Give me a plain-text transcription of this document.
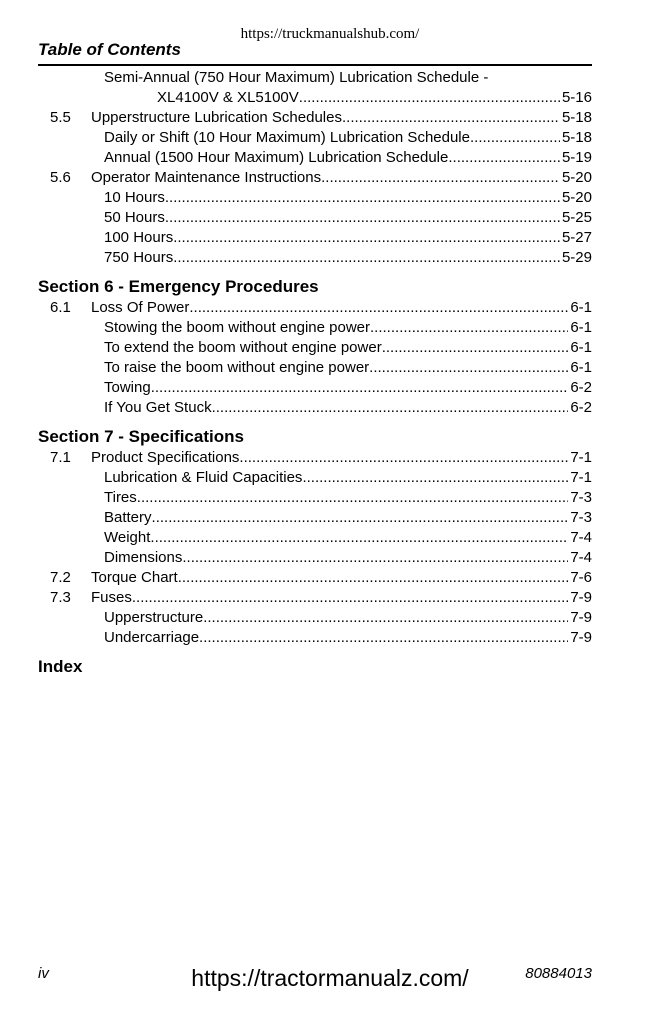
https://truckmanualshub.com/
Table of Contents
Semi-Annual (750 Hour Maximum) Lubrication Schedule -
XL4100V & XL5100V .....	5-16
5.5 Upperstructure Lubrication Schedules .....	5-18
Daily or Shift (10 Hour Maximum) Lubrication Schedule .....	5-18
Annual (1500 Hour Maximum) Lubrication Schedule .....	5-19
5.6 Operator Maintenance Instructions .....	5-20
10 Hours .....	5-20
50 Hours .....	5-25
100 Hours .....	5-27
750 Hours .....	5-29
Section 6 - Emergency Procedures
6.1 Loss Of Power .....	6-1
Stowing the boom without engine power .....	6-1
To extend the boom without engine power .....	6-1
To raise the boom without engine power .....	6-1
Towing .....	6-2
If You Get Stuck .....	6-2
Section 7 - Specifications
7.1 Product Specifications .....	7-1
Lubrication & Fluid Capacities .....	7-1
Tires .....	7-3
Battery .....	7-3
Weight .....	7-4
Dimensions .....	7-4
7.2 Torque Chart .....	7-6
7.3 Fuses .....	7-9
Upperstructure .....	7-9
Undercarriage .....	7-9
Index
iv	https://tractormanualz.com/	80884013
